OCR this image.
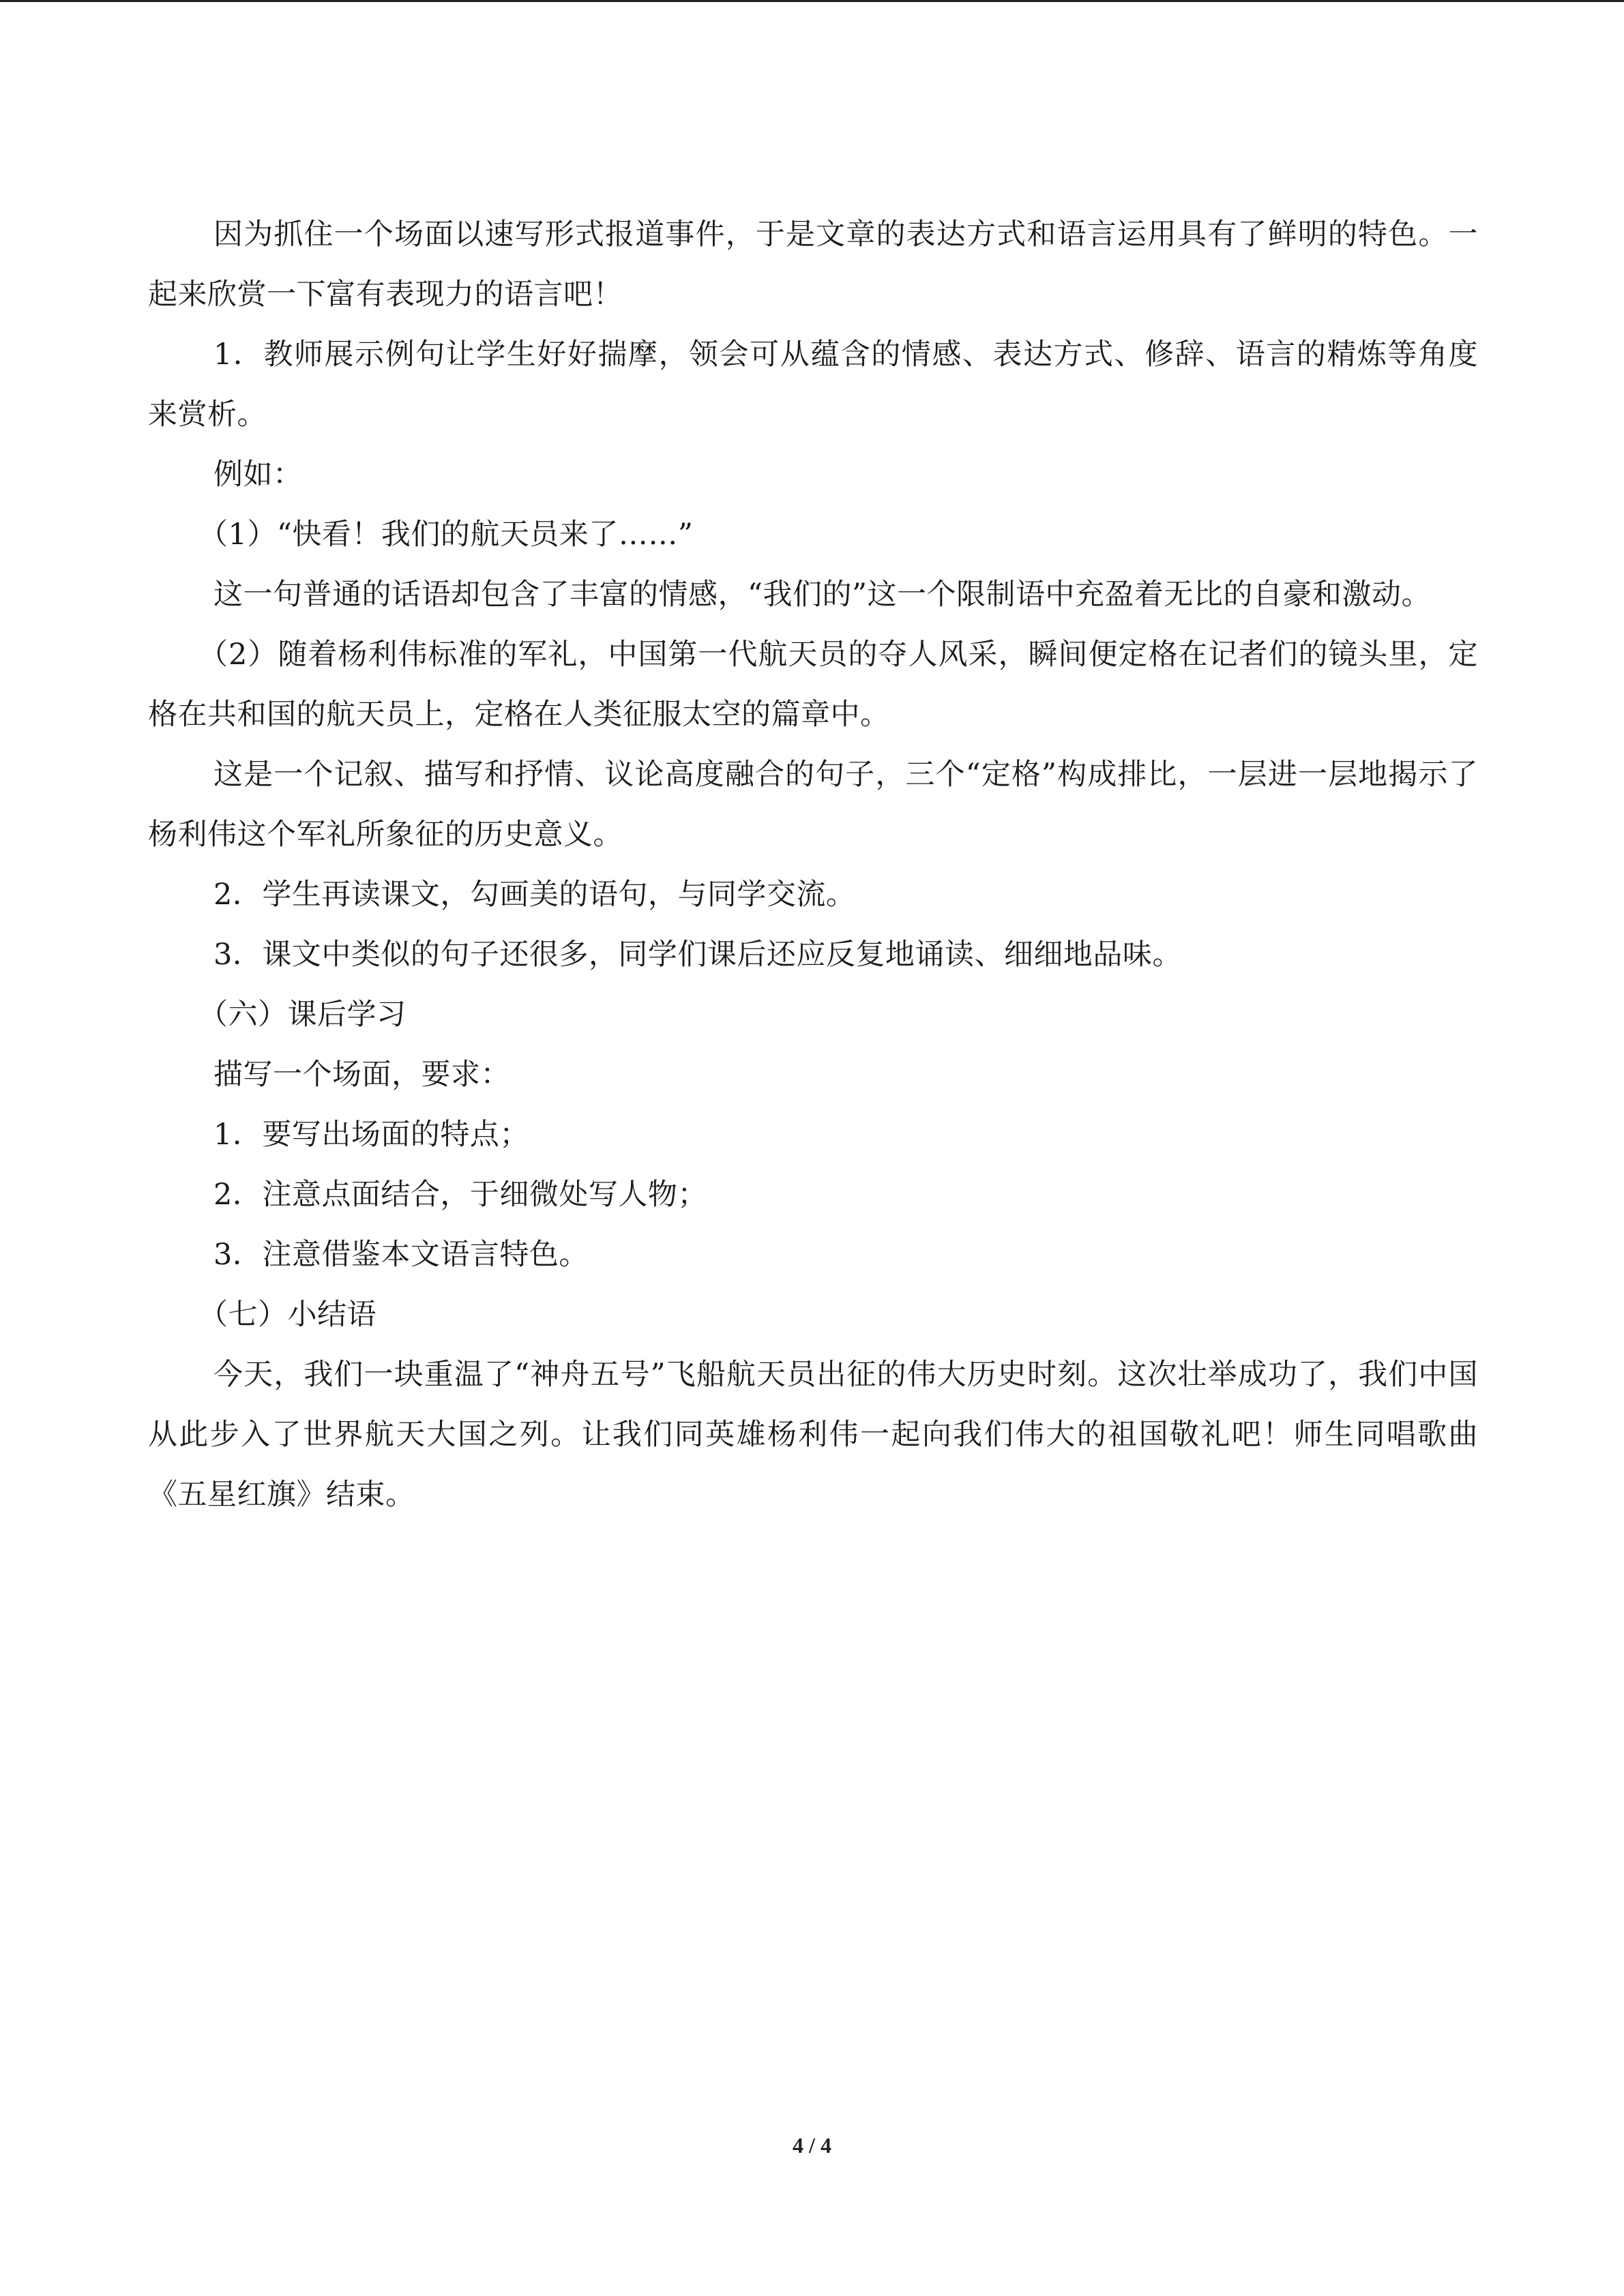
因为抓住一个场面以速写形式报道事件，于是文章的表达方式和语言运用具有了鲜明的特色。一起来欣赏一下富有表现力的语言吧！

1．教师展示例句让学生好好揣摩，领会可从蕴含的情感、表达方式、修辞、语言的精炼等角度来赏析。

例如：

（1）“快看！我们的航天员来了……”

这一句普通的话语却包含了丰富的情感，“我们的”这一个限制语中充盈着无比的自豪和激动。

（2）随着杨利伟标准的军礼，中国第一代航天员的夺人风采，瞬间便定格在记者们的镜头里，定格在共和国的航天员上，定格在人类征服太空的篇章中。

这是一个记叙、描写和抒情、议论高度融合的句子，三个“定格”构成排比，一层进一层地揭示了杨利伟这个军礼所象征的历史意义。

2．学生再读课文，勾画美的语句，与同学交流。

3．课文中类似的句子还很多，同学们课后还应反复地诵读、细细地品味。

（六）课后学习

描写一个场面，要求：

1．要写出场面的特点；

2．注意点面结合，于细微处写人物；

3．注意借鉴本文语言特色。

（七）小结语

今天，我们一块重温了“神舟五号”飞船航天员出征的伟大历史时刻。这次壮举成功了，我们中国从此步入了世界航天大国之列。让我们同英雄杨利伟一起向我们伟大的祖国敬礼吧！师生同唱歌曲《五星红旗》结束。

4 / 4
